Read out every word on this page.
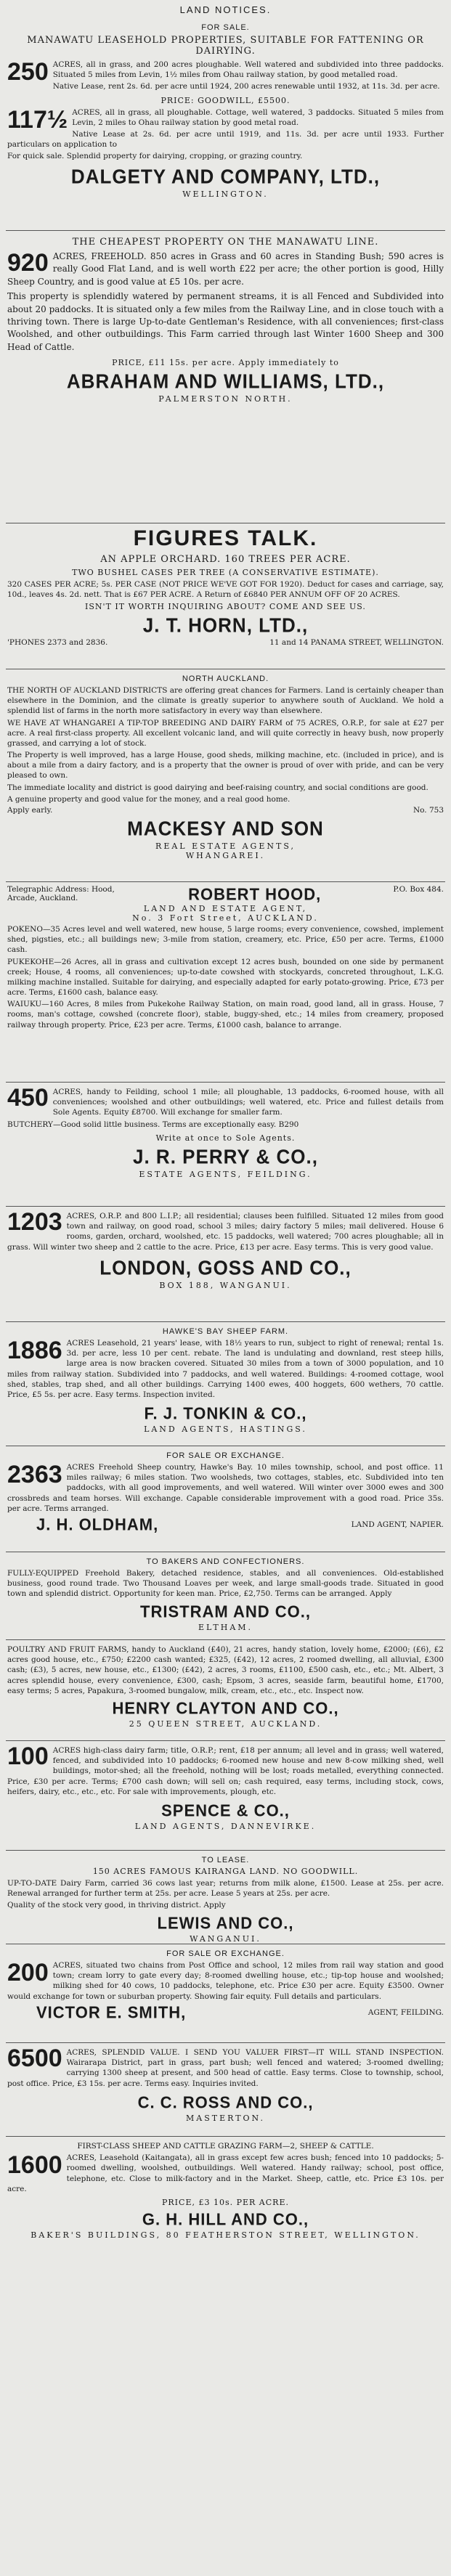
LAND NOTICES.
FOR SALE.
MANAWATU LEASEHOLD PROPERTIES, SUITABLE FOR FATTENING OR DAIRYING.
250 ACRES, all in grass, and 200 acres ploughable. Well watered and subdivided into three paddocks. Situated 5 miles from Levin, 1½ miles from Ohau railway station, by good metalled road.
Native Lease, rent 2s. 6d. per acre until 1924, 200 acres renewable until 1932, at 11s. 3d. per acre.
PRICE: GOODWILL, £5500.
117½ ACRES, all in grass, all ploughable. Cottage, well watered, 3 paddocks. Situated 5 miles from Levin, 2 miles to Ohau railway station by good metal road.
Native Lease at 2s. 6d. per acre until 1919, and 11s. 3d. per acre until 1933. Further particulars on application to
For quick sale. Splendid property for dairying, cropping, or grazing country.
DALGETY AND COMPANY, LTD.,
WELLINGTON.
THE CHEAPEST PROPERTY ON THE MANAWATU LINE.
920 ACRES, FREEHOLD. 850 acres in Grass and 60 acres in Standing Bush; 590 acres is really Good Flat Land, and is well worth £22 per acre; the other portion is good, Hilly Sheep Country, and is good value at £5 10s. per acre.
This property is splendidly watered by permanent streams, it is all Fenced and Subdivided into about 20 paddocks. It is situated only a few miles from the Railway Line, and in close touch with a thriving town. There is large Up-to-date Gentleman's Residence, with all conveniences; first-class Woolshed, and other outbuildings. This Farm carried through last Winter 1600 Sheep and 300 Head of Cattle.
PRICE, £11 15s. per acre. Apply immediately to
ABRAHAM AND WILLIAMS, LTD.,
PALMERSTON NORTH.
FIGURES TALK.
AN APPLE ORCHARD. 160 TREES PER ACRE.
TWO BUSHEL CASES PER TREE (A CONSERVATIVE ESTIMATE).
320 CASES PER ACRE; 5s. PER CASE (NOT PRICE WE'VE GOT FOR 1920). Deduct for cases and carriage, say, 10d., leaves 4s. 2d. nett. That is £67 PER ACRE. A Return of £6840 PER ANNUM OFF OF 20 ACRES.
ISN'T IT WORTH INQUIRING ABOUT? COME AND SEE US.
J. T. HORN, LTD.,
'PHONES 2373 and 2836.	11 and 14 PANAMA STREET, WELLINGTON.
NORTH AUCKLAND.
THE NORTH OF AUCKLAND DISTRICTS are offering great chances for Farmers. Land is certainly cheaper than elsewhere in the Dominion, and the climate is greatly superior to anywhere south of Auckland. We hold a splendid list of farms in the north more satisfactory in every way than elsewhere.
WE HAVE AT WHANGAREI A TIP-TOP BREEDING AND DAIRY FARM of 75 ACRES, O.R.P., for sale at £27 per acre. A real first-class property. All excellent volcanic land, and will quite correctly in heavy bush, now properly grassed, and carrying a lot of stock.
The Property is well improved, has a large House, good sheds, milking machine, etc. (included in price), and is about a mile from a dairy factory, and is a property that the owner is proud of over with pride, and can be very pleased to own.
The immediate locality and district is good dairying and beef-raising country, and social conditions are good.
A genuine property and good value for the money, and a real good home.
Apply early.	No. 753
MACKESY AND SON
REAL ESTATE AGENTS,
WHANGAREI.
Telegraphic Address: Hood, Arcade, Auckland.	ROBERT HOOD,	P.O. Box 484.
LAND AND ESTATE AGENT,
No. 3 Fort Street, AUCKLAND.
POKENO—35 Acres level and well watered, new house, 5 large rooms; every convenience, cowshed, implement shed, pigsties, etc.; all buildings new; 3-mile from station, creamery, etc. Price, £50 per acre. Terms, £1000 cash.
PUKEKOHE—26 Acres, all in grass and cultivation except 12 acres bush, bounded on one side by permanent creek; House, 4 rooms, all conveniences; up-to-date cowshed with stockyards, concreted throughout, L.K.G. milking machine installed. Suitable for dairying, and especially adapted for early potato-growing. Price, £73 per acre. Terms, £1600 cash, balance easy.
WAIUKU—160 Acres, 8 miles from Pukekohe Railway Station, on main road, good land, all in grass. House, 7 rooms, man's cottage, cowshed (concrete floor), stable, buggy-shed, etc.; 14 miles from creamery, proposed railway through property. Price, £23 per acre. Terms, £1000 cash, balance to arrange.
450 ACRES, handy to Feilding, school 1 mile; all ploughable, 13 paddocks, 6-roomed house, with all conveniences; woolshed and other outbuildings; well watered, etc. Price and fullest details from Sole Agents. Equity £8700. Will exchange for smaller farm.
BUTCHERY—Good solid little business. Terms are exceptionally easy. B290
Write at once to Sole Agents.
J. R. PERRY & CO.,
ESTATE AGENTS, FEILDING.
1203 ACRES, O.R.P. and 800 L.I.P.; all residential; clauses been fulfilled. Situated 12 miles from good town and railway, on good road, school 3 miles; dairy factory 5 miles; mail delivered. House 6 rooms, garden, orchard, woolshed, etc. 15 paddocks, well watered; 700 acres ploughable; all in grass. Will winter two sheep and 2 cattle to the acre. Price, £13 per acre. Easy terms. This is very good value.
LONDON, GOSS AND CO.,
BOX 188, WANGANUI.
HAWKE'S BAY SHEEP FARM.
1886 ACRES Leasehold, 21 years' lease, with 18½ years to run, subject to right of renewal; rental 1s. 3d. per acre, less 10 per cent. rebate. The land is undulating and downland, rest steep hills, large area is now bracken covered. Situated 30 miles from a town of 3000 population, and 10 miles from railway station. Subdivided into 7 paddocks, and well watered. Buildings: 4-roomed cottage, wool shed, stables, trap shed, and all other buildings. Carrying 1400 ewes, 400 hoggets, 600 wethers, 70 cattle. Price, £5 5s. per acre. Easy terms. Inspection invited.
F. J. TONKIN & CO.,
LAND AGENTS, HASTINGS.
FOR SALE OR EXCHANGE.
2363 ACRES Freehold Sheep country, Hawke's Bay. 10 miles township, school, and post office. 11 miles railway; 6 miles station. Two woolsheds, two cottages, stables, etc. Subdivided into ten paddocks, with all good improvements, and well watered. Will winter over 3000 ewes and 300 crossbreds and team horses. Will exchange. Capable considerable improvement with a good road. Price 35s. per acre. Terms arranged.
J. H. OLDHAM,	LAND AGENT, NAPIER.
TO BAKERS AND CONFECTIONERS.
FULLY-EQUIPPED Freehold Bakery, detached residence, stables, and all conveniences. Old-established business, good round trade. Two Thousand Loaves per week, and large small-goods trade. Situated in good town and splendid district. Opportunity for keen man. Price, £2,750. Terms can be arranged. Apply
TRISTRAM AND CO.,
ELTHAM.
POULTRY AND FRUIT FARMS, handy to Auckland (£40), 21 acres, handy station, lovely home, £2000; (£6), £2 acres good house, etc., £750; £2200 cash wanted; £325, (£42), 12 acres, 2 roomed dwelling, all alluvial, £300 cash; (£3), 5 acres, new house, etc., £1300; (£42), 2 acres, 3 rooms, £1100, £500 cash, etc., etc.; Mt. Albert, 3 acres splendid house, every convenience, £300, cash; Epsom, 3 acres, seaside farm, beautiful home, £1700, easy terms; 5 acres, Papakura, 3-roomed bungalow, milk, cream, etc., etc., etc. Inspect now.
HENRY CLAYTON AND CO.,
25 QUEEN STREET, AUCKLAND.
100 ACRES high-class dairy farm; title, O.R.P.; rent, £18 per annum; all level and in grass; well watered, fenced, and subdivided into 10 paddocks; 6-roomed new house and new 8-cow milking shed, well buildings, motor-shed; all the freehold, nothing will be lost; roads metalled, everything connected. Price, £30 per acre. Terms; £700 cash down; will sell on; cash required, easy terms, including stock, cows, heifers, dairy, etc., etc., etc. For sale with improvements, plough, etc.
SPENCE & CO.,
LAND AGENTS, DANNEVIRKE.
TO LEASE.
150 ACRES FAMOUS KAIRANGA LAND. NO GOODWILL.
UP-TO-DATE Dairy Farm, carried 36 cows last year; returns from milk alone, £1500. Lease at 25s. per acre. Renewal arranged for further term at 25s. per acre. Lease 5 years at 25s. per acre.
Quality of the stock very good, in thriving district. Apply
LEWIS AND CO.,
WANGANUI.
FOR SALE OR EXCHANGE.
200 ACRES, situated two chains from Post Office and school, 12 miles from rail way station and good town; cream lorry to gate every day; 8-roomed dwelling house, etc.; tip-top house and woolshed; milking shed for 40 cows, 10 paddocks, telephone, etc. Price £30 per acre. Equity £3500. Owner would exchange for town or suburban property. Showing fair equity. Full details and particulars.
VICTOR E. SMITH,	AGENT, FEILDING.
6500 ACRES, SPLENDID VALUE. I SEND YOU VALUER FIRST—IT WILL STAND INSPECTION. Wairarapa District, part in grass, part bush; well fenced and watered; 3-roomed dwelling; carrying 1300 sheep at present, and 500 head of cattle. Easy terms. Close to township, school, post office. Price, £3 15s. per acre. Terms easy. Inquiries invited.
C. C. ROSS AND CO.,
MASTERTON.
FIRST-CLASS SHEEP AND CATTLE GRAZING FARM—2, SHEEP & CATTLE.
1600 ACRES, Leasehold (Kaitangata), all in grass except few acres bush; fenced into 10 paddocks; 5-roomed dwelling, woolshed, outbuildings. Well watered. Handy railway; school, post office, telephone, etc. Close to milk-factory and in the Market. Sheep, cattle, etc. Price £3 10s. per acre.
PRICE, £3 10s. PER ACRE.
G. H. HILL AND CO.,
BAKER'S BUILDINGS, 80 FEATHERSTON STREET, WELLINGTON.
